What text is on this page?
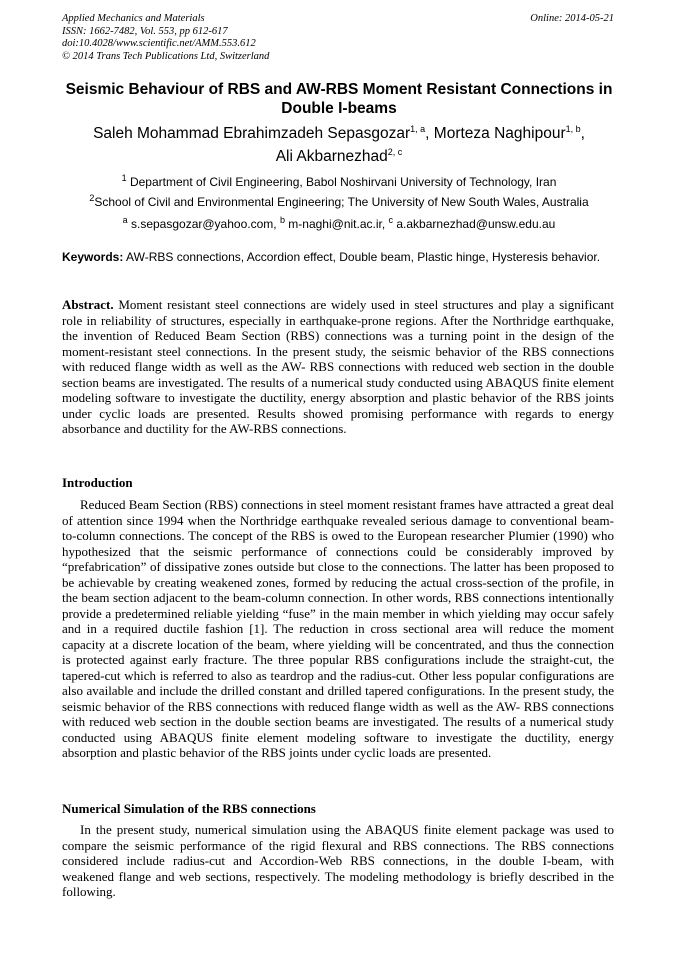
Applied Mechanics and Materials
ISSN: 1662-7482, Vol. 553, pp 612-617
doi:10.4028/www.scientific.net/AMM.553.612
© 2014 Trans Tech Publications Ltd, Switzerland
Online: 2014-05-21
Seismic Behaviour of RBS and AW-RBS Moment Resistant Connections in Double I-beams
Saleh Mohammad Ebrahimzadeh Sepasgozar$^{1, a}$, Morteza Naghipour$^{1, b}$,
Ali Akbarnezhad$^{2, c}$
$^1$ Department of Civil Engineering, Babol Noshirvani University of Technology, Iran
$^2$School of Civil and Environmental Engineering; The University of New South Wales, Australia
$^a$ s.sepasgozar@yahoo.com, $^b$ m-naghi@nit.ac.ir, $^c$ a.akbarnezhad@unsw.edu.au
Keywords: AW-RBS connections, Accordion effect, Double beam, Plastic hinge, Hysteresis behavior.
Abstract. Moment resistant steel connections are widely used in steel structures and play a significant role in reliability of structures, especially in earthquake-prone regions. After the Northridge earthquake, the invention of Reduced Beam Section (RBS) connections was a turning point in the design of the moment-resistant steel connections. In the present study, the seismic behavior of the RBS connections with reduced flange width as well as the AW- RBS connections with reduced web section in the double section beams are investigated. The results of a numerical study conducted using ABAQUS finite element modeling software to investigate the ductility, energy absorption and plastic behavior of the RBS joints under cyclic loads are presented. Results showed promising performance with regards to energy absorbance and ductility for the AW-RBS connections.
Introduction
Reduced Beam Section (RBS) connections in steel moment resistant frames have attracted a great deal of attention since 1994 when the Northridge earthquake revealed serious damage to conventional beam-to-column connections. The concept of the RBS is owed to the European researcher Plumier (1990) who hypothesized that the seismic performance of connections could be considerably improved by “prefabrication” of dissipative zones outside but close to the connections. The latter has been proposed to be achievable by creating weakened zones, formed by reducing the actual cross-section of the profile, in the beam section adjacent to the beam-column connection. In other words, RBS connections intentionally provide a predetermined reliable yielding “fuse” in the main member in which yielding may occur safely and in a required ductile fashion [1]. The reduction in cross sectional area will reduce the moment capacity at a discrete location of the beam, where yielding will be concentrated, and thus the connection is protected against early fracture. The three popular RBS configurations include the straight-cut, the tapered-cut which is referred to also as teardrop and the radius-cut. Other less popular configurations are also available and include the drilled constant and drilled tapered configurations. In the present study, the seismic behavior of the RBS connections with reduced flange width as well as the AW- RBS connections with reduced web section in the double section beams are investigated. The results of a numerical study conducted using ABAQUS finite element modeling software to investigate the ductility, energy absorption and plastic behavior of the RBS joints under cyclic loads are presented.
Numerical Simulation of the RBS connections
In the present study, numerical simulation using the ABAQUS finite element package was used to compare the seismic performance of the rigid flexural and RBS connections. The RBS connections considered include radius-cut and Accordion-Web RBS connections, in the double I-beam, with weakened flange and web sections, respectively. The modeling methodology is briefly described in the following.
